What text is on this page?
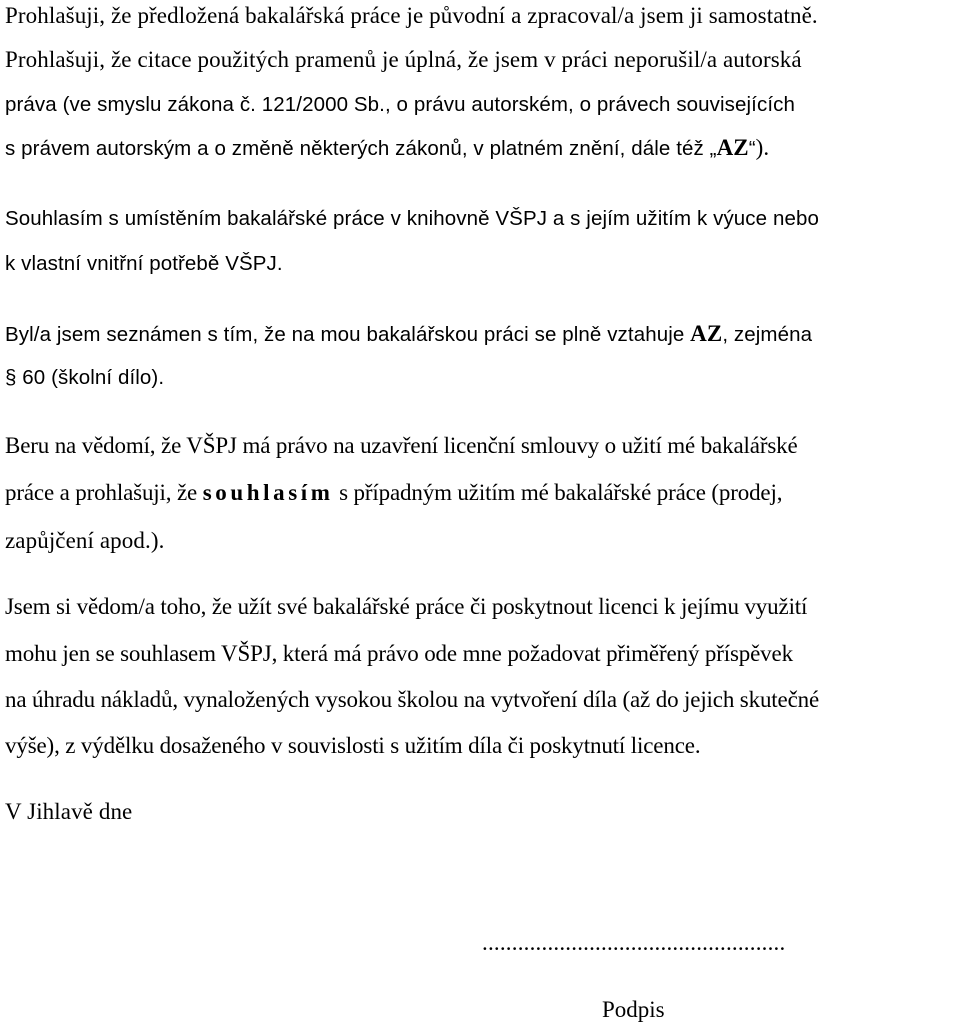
Prohlašuji, že předložená bakalářská práce je původní a zpracoval/a jsem ji samostatně.
Prohlašuji, že citace použitých pramenů je úplná, že jsem v práci neporušil/a autorská
práva (ve smyslu zákona č. 121/2000 Sb., o právu autorském, o právech souvisejících
s právem autorským a o změně některých zákonů, v platném znění, dále též „AZ“).
Souhlasím s umístěním bakalářské práce v knihovně VŠPJ a s jejím užitím k výuce nebo
k vlastní vnitřní potřebě VŠPJ.
Byl/a jsem seznámen s tím, že na mou bakalářskou práci se plně vztahuje AZ, zejména
§ 60 (školní dílo).
Beru na vědomí, že VŠPJ má právo na uzavření licenční smlouvy o užití mé bakalářské
práce a prohlašuji, že souhlasím s případným užitím mé bakalářské práce (prodej,
zapůjčení apod.).
Jsem si vědom/a toho, že užít své bakalářské práce či poskytnout licenci k jejímu využití
mohu jen se souhlasem VŠPJ, která má právo ode mne požadovat přiměřený příspěvek
na úhradu nákladů, vynaložených vysokou školou na vytvoření díla (až do jejich skutečné
výše), z výdělku dosaženého v souvislosti s užitím díla či poskytnutí licence.
V Jihlavě dne
...................................................
Podpis
